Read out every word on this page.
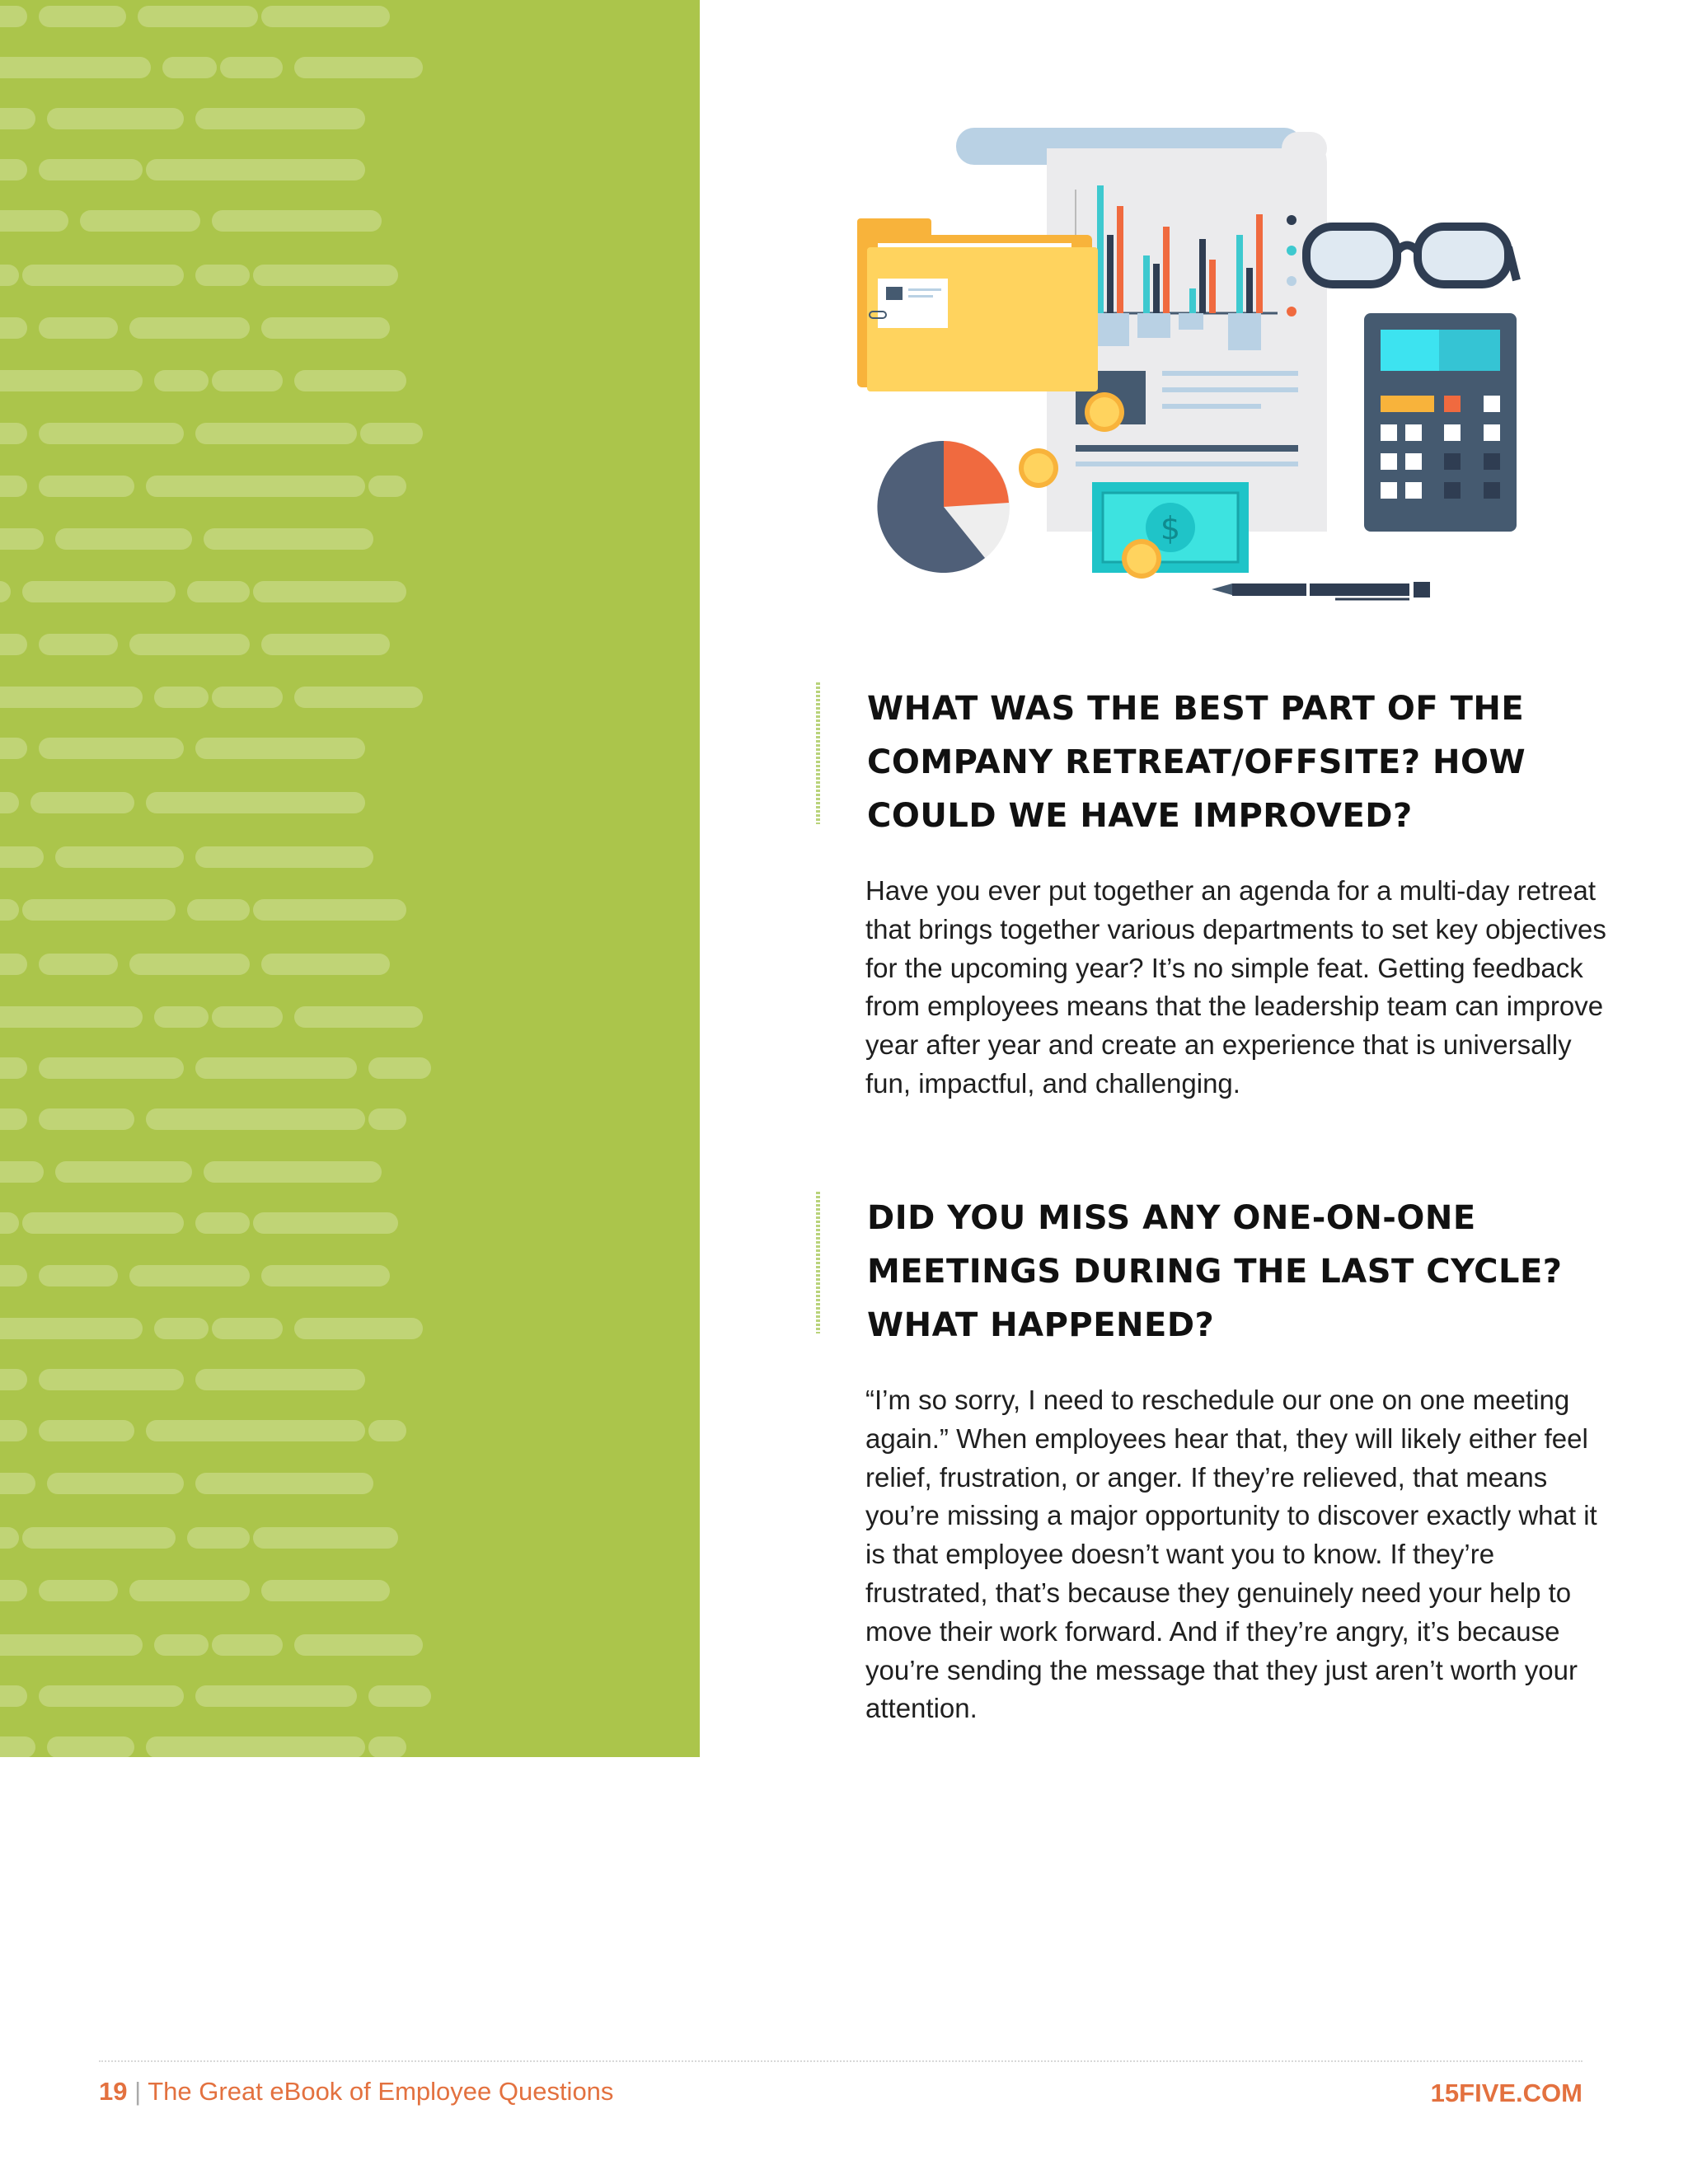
$
WHAT WAS THE BEST PART OF THE COMPANY RETREAT/OFFSITE? HOW COULD WE HAVE IMPROVED?

Have you ever put together an agenda for a multi-day retreat that brings together various departments to set key objectives for the upcoming year? It’s no simple feat. Getting feedback from employees means that the leadership team can improve year after year and create an experience that is universally fun, impactful, and challenging.

DID YOU MISS ANY ONE-ON-ONE MEETINGS DURING THE LAST CYCLE? WHAT HAPPENED?

“I’m so sorry, I need to reschedule our one on one meeting again.” When employees hear that, they will likely either feel relief, frustration, or anger. If they’re relieved, that means you’re missing a major opportunity to discover exactly what it is that employee doesn’t want you to know. If they’re frustrated, that’s because they genuinely need your help to move their work forward. And if they’re angry, it’s because you’re sending the message that they just aren’t worth your attention.

19 | The Great eBook of Employee Questions	15FIVE.COM
